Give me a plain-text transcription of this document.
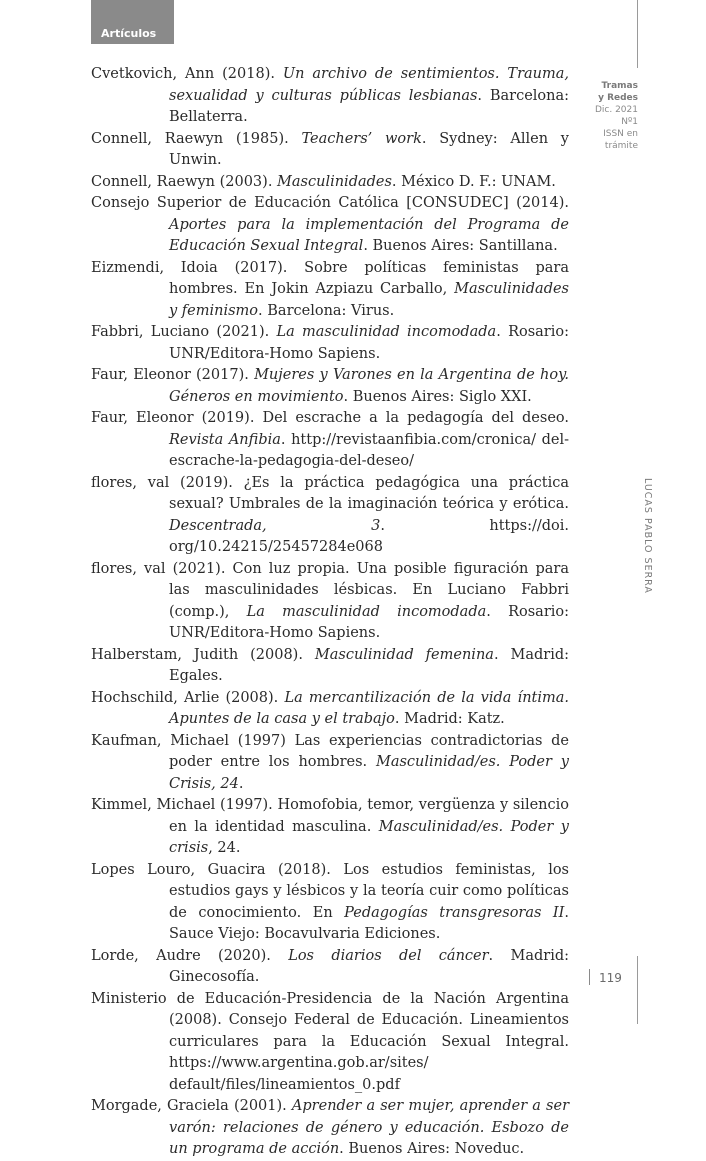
Artículos
Tramas
y Redes
Dic. 2021
Nº1
ISSN en
trámite
LUCAS PABLO SERRA
119

Cvetkovich, Ann (2018). Un archivo de sentimientos. Trauma, sexualidad y culturas públicas lesbianas. Barcelona: Bellaterra.

Connell, Raewyn (1985). Teachers’ work. Sydney: Allen y Unwin.

Connell, Raewyn (2003). Masculinidades. México D. F.: UNAM.

Consejo Superior de Educación Católica [CONSUDEC] (2014). Aportes para la implementación del Programa de Educación Sexual Integral. Buenos Aires: Santillana.

Eizmendi, Idoia (2017). Sobre políticas feministas para hombres. En Jokin Azpiazu Carballo, Masculinidades y feminismo. Barcelona: Virus.

Fabbri, Luciano (2021). La masculinidad incomodada. Rosario: UNR/Editora-Homo Sapiens.

Faur, Eleonor (2017). Mujeres y Varones en la Argentina de hoy. Géneros en movimiento. Buenos Aires: Siglo XXI.

Faur, Eleonor (2019). Del escrache a la pedagogía del deseo. Revista Anfibia. http://revistaanfibia.com/cronica/ del-escrache-la-pedagogia-del-deseo/

flores, val (2019). ¿Es la práctica pedagógica una práctica sexual? Umbrales de la imaginación teórica y erótica. Descentrada, 3. https://doi. org/10.24215/25457284e068

flores, val (2021). Con luz propia. Una posible figuración para las masculinidades lésbicas. En Luciano Fabbri (comp.), La masculinidad incomodada. Rosario: UNR/Editora-Homo Sapiens.

Halberstam, Judith (2008). Masculinidad femenina. Madrid: Egales.

Hochschild, Arlie (2008). La mercantilización de la vida íntima. Apuntes de la casa y el trabajo. Madrid: Katz.

Kaufman, Michael (1997) Las experiencias contradictorias de poder entre los hombres. Masculinidad/es. Poder y Crisis, 24.

Kimmel, Michael (1997). Homofobia, temor, vergüenza y silencio en la identidad masculina. Masculinidad/es. Poder y crisis, 24.

Lopes Louro, Guacira (2018). Los estudios feministas, los estudios gays y lésbicos y la teoría cuir como políticas de conocimiento. En Pedagogías transgresoras II. Sauce Viejo: Bocavulvaria Ediciones.

Lorde, Audre (2020). Los diarios del cáncer. Madrid: Ginecosofía.

Ministerio de Educación-Presidencia de la Nación Argentina (2008). Consejo Federal de Educación. Lineamientos curriculares para la Educación Sexual Integral. https://www.argentina.gob.ar/sites/ default/files/lineamientos_0.pdf

Morgade, Graciela (2001). Aprender a ser mujer, aprender a ser varón: relaciones de género y educación. Esbozo de un programa de acción. Buenos Aires: Noveduc.
